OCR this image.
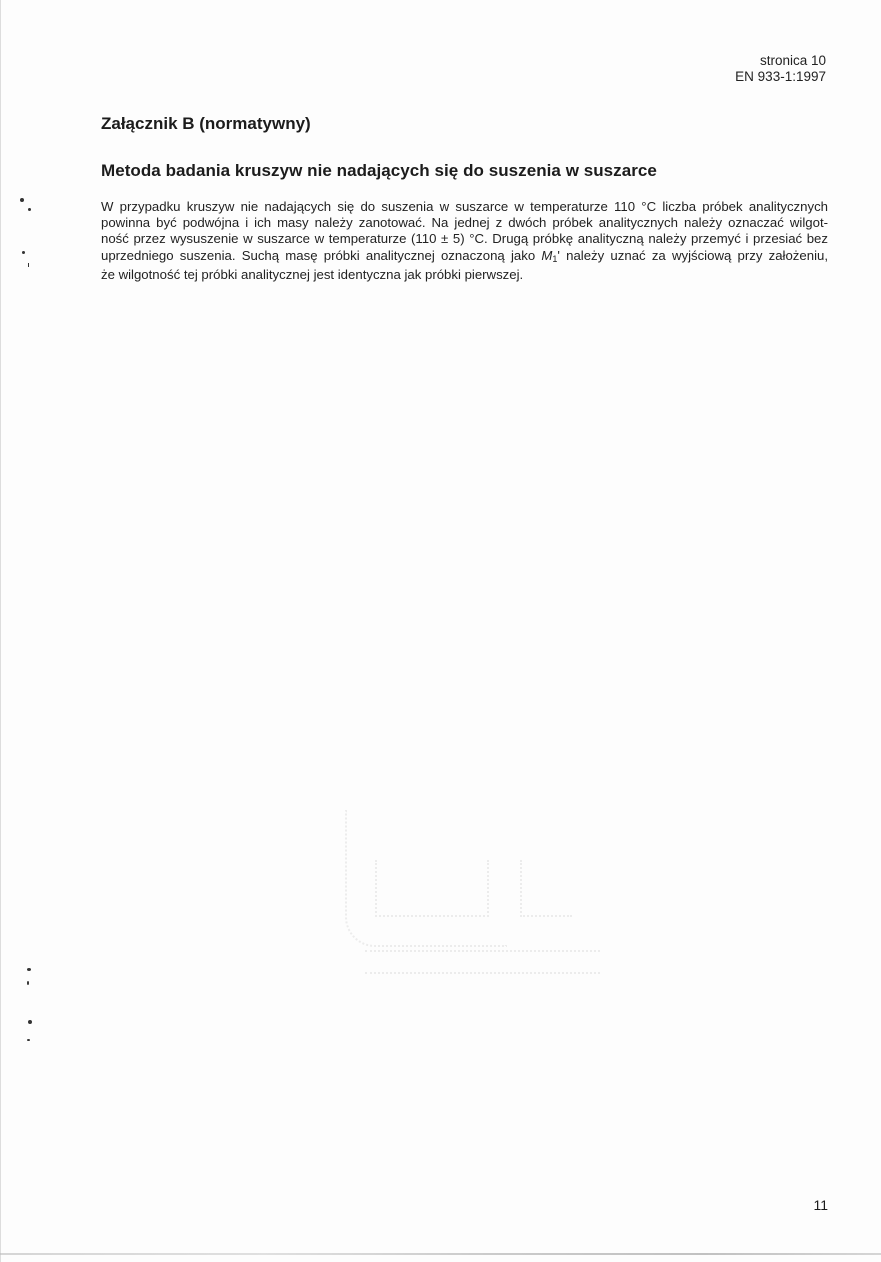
stronica 10
EN 933-1:1997
Załącznik B (normatywny)
Metoda badania kruszyw nie nadających się do suszenia w suszarce

W przypadku kruszyw nie nadających się do suszenia w suszarce w temperaturze 110 °C liczba próbek analitycznych
powinna być podwójna i ich masy należy zanotować. Na jednej z dwóch próbek analitycznych należy oznaczać wilgot-
ność przez wysuszenie w suszarce w temperaturze (110 ± 5) °C. Drugą próbkę analityczną należy przemyć i przesiać bez
uprzedniego suszenia. Suchą masę próbki analitycznej oznaczoną jako $M_1'$ należy uznać za wyjściową przy założeniu,
że wilgotność tej próbki analitycznej jest identyczna jak próbki pierwszej.

11
